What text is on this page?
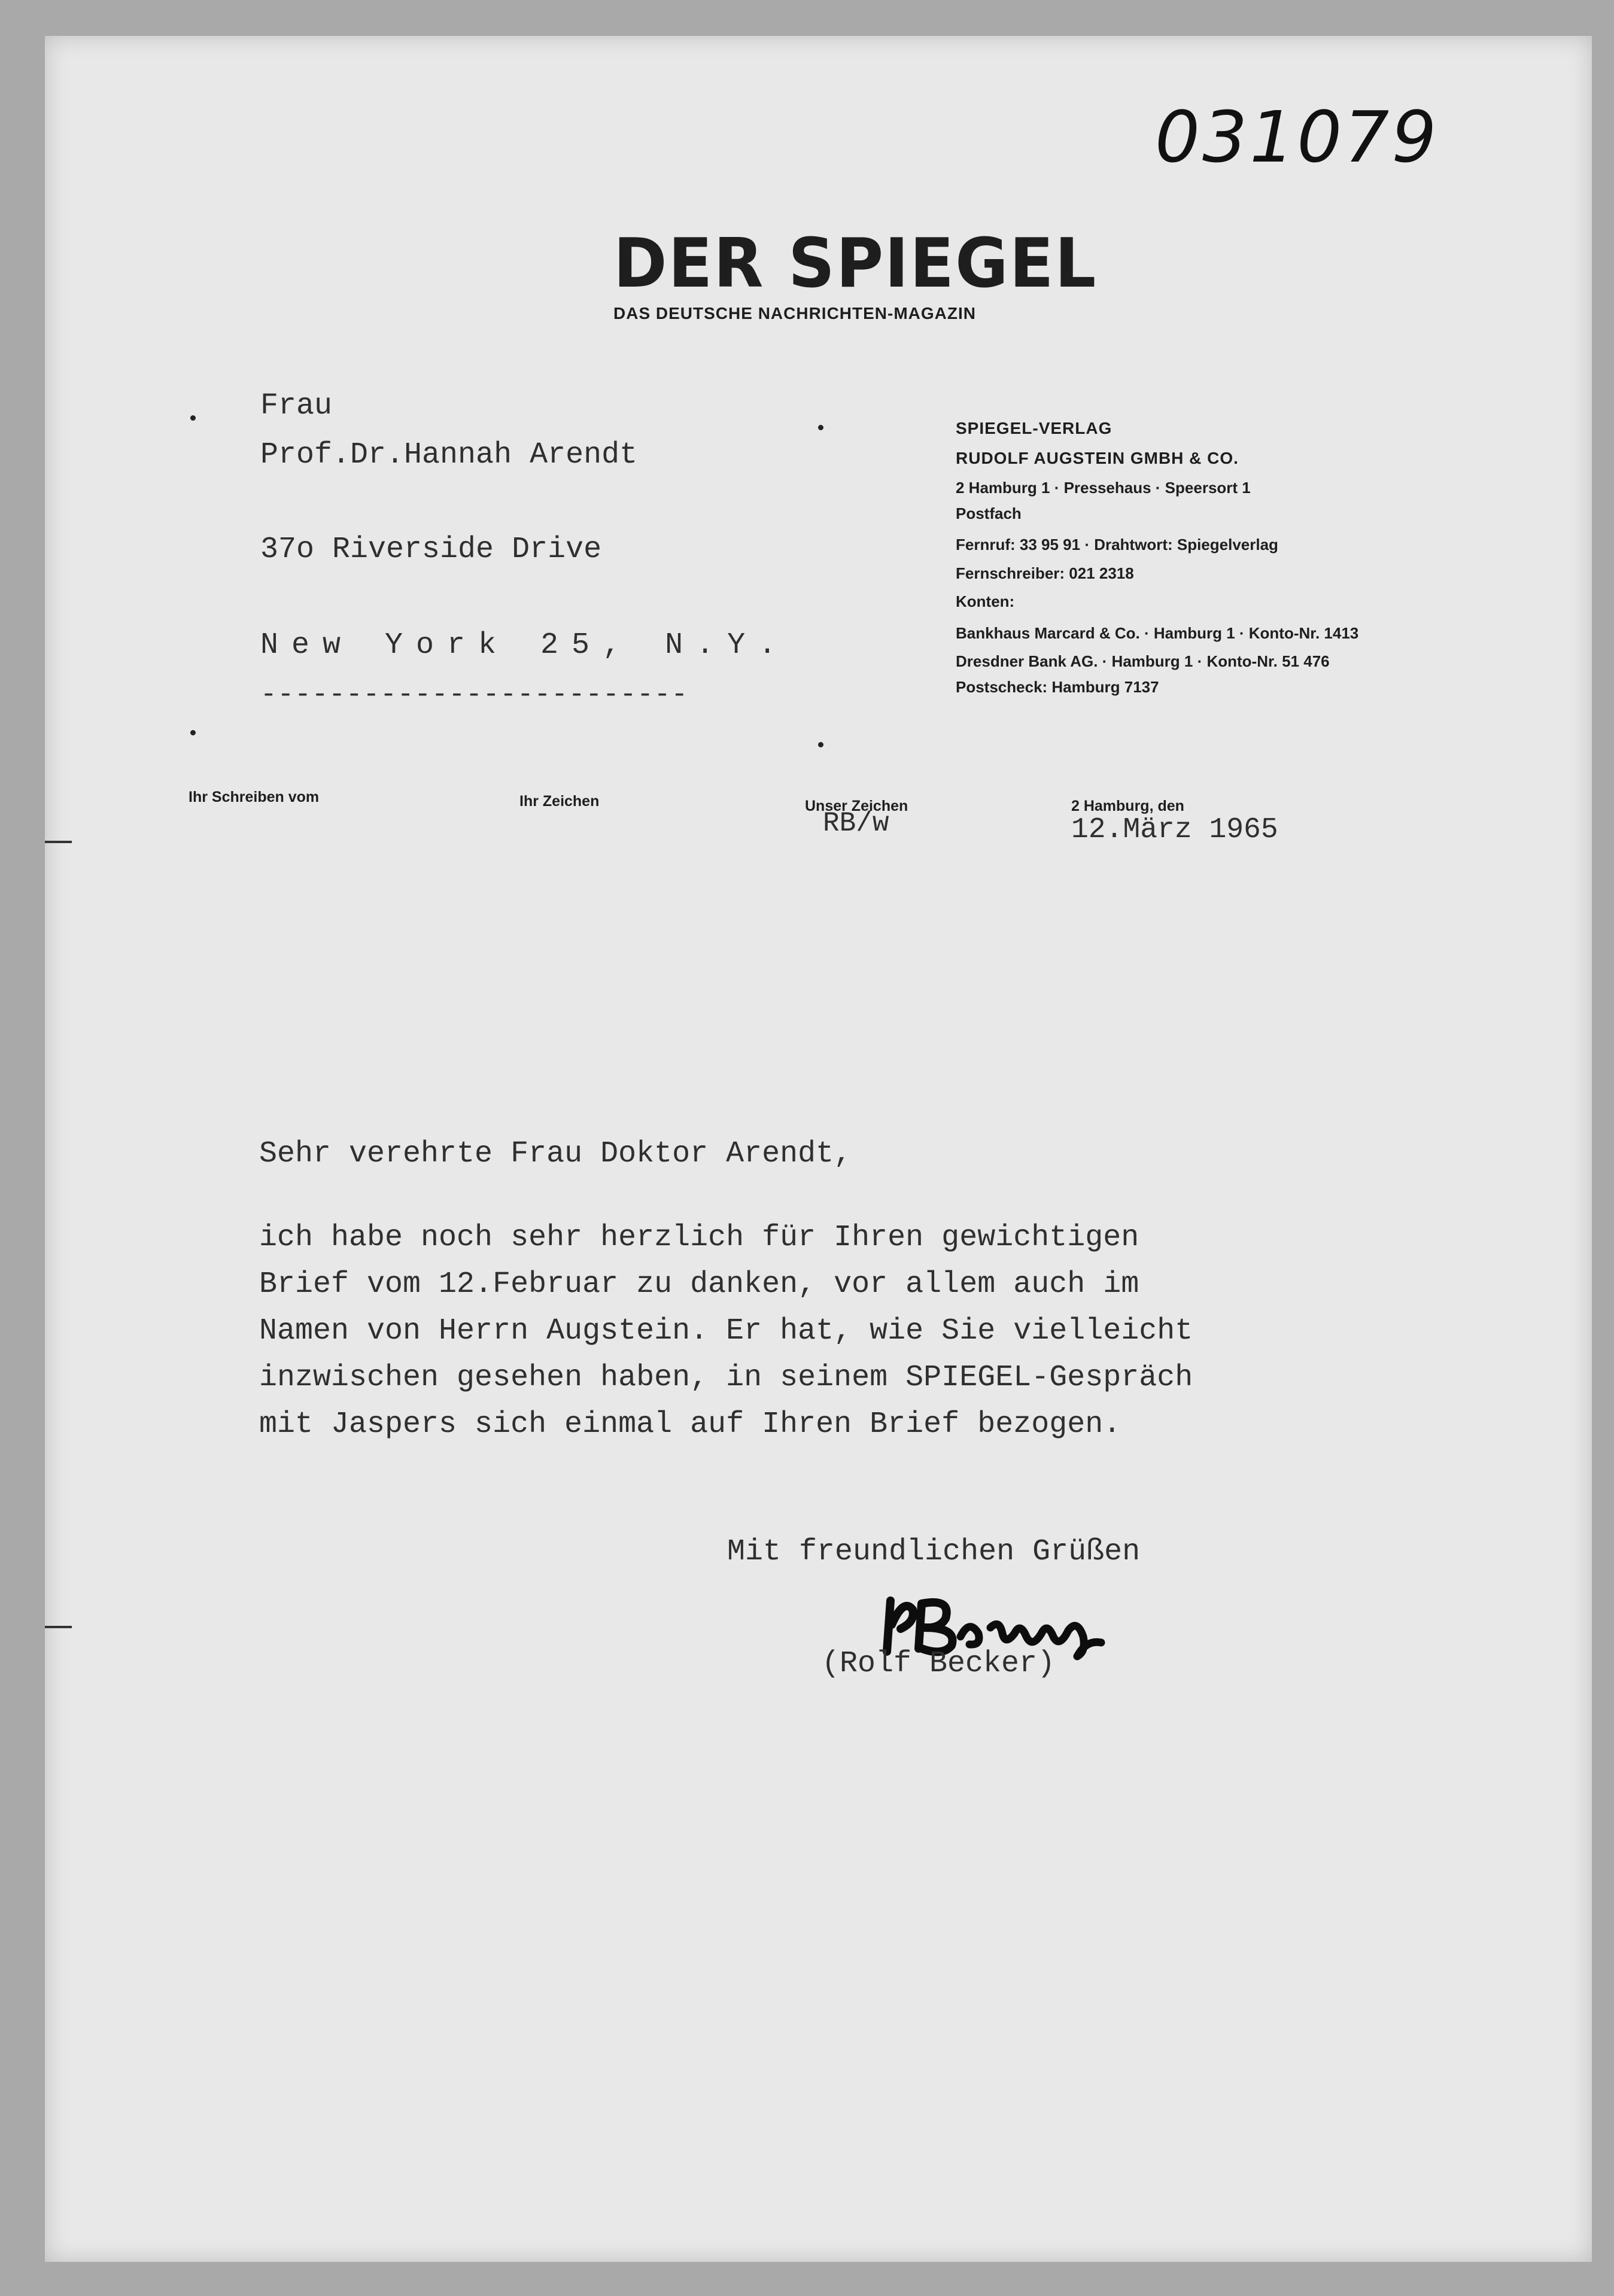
031079
DER SPIEGEL
DAS DEUTSCHE NACHRICHTEN-MAGAZIN
Frau
Prof.Dr.Hannah Arendt
37o Riverside Drive
New York 25, N.Y.
-------------------------
SPIEGEL-VERLAG
RUDOLF AUGSTEIN GMBH & CO.
2 Hamburg 1 · Pressehaus · Speersort 1
Postfach
Fernruf: 33 95 91 · Drahtwort: Spiegelverlag
Fernschreiber: 021 2318
Konten:
Bankhaus Marcard & Co. · Hamburg 1 · Konto-Nr. 1413
Dresdner Bank AG. · Hamburg 1 · Konto-Nr. 51 476
Postscheck: Hamburg 7137
Ihr Schreiben vom	Ihr Zeichen	Unser Zeichen
RB/w
2 Hamburg, den
12.März 1965
Sehr verehrte Frau Doktor Arendt,
ich habe noch sehr herzlich für Ihren gewichtigen
Brief vom 12.Februar zu danken, vor allem auch im
Namen von Herrn Augstein. Er hat, wie Sie vielleicht
inzwischen gesehen haben, in seinem SPIEGEL-Gespräch
mit Jaspers sich einmal auf Ihren Brief bezogen.
Mit freundlichen Grüßen
(Rolf Becker)
